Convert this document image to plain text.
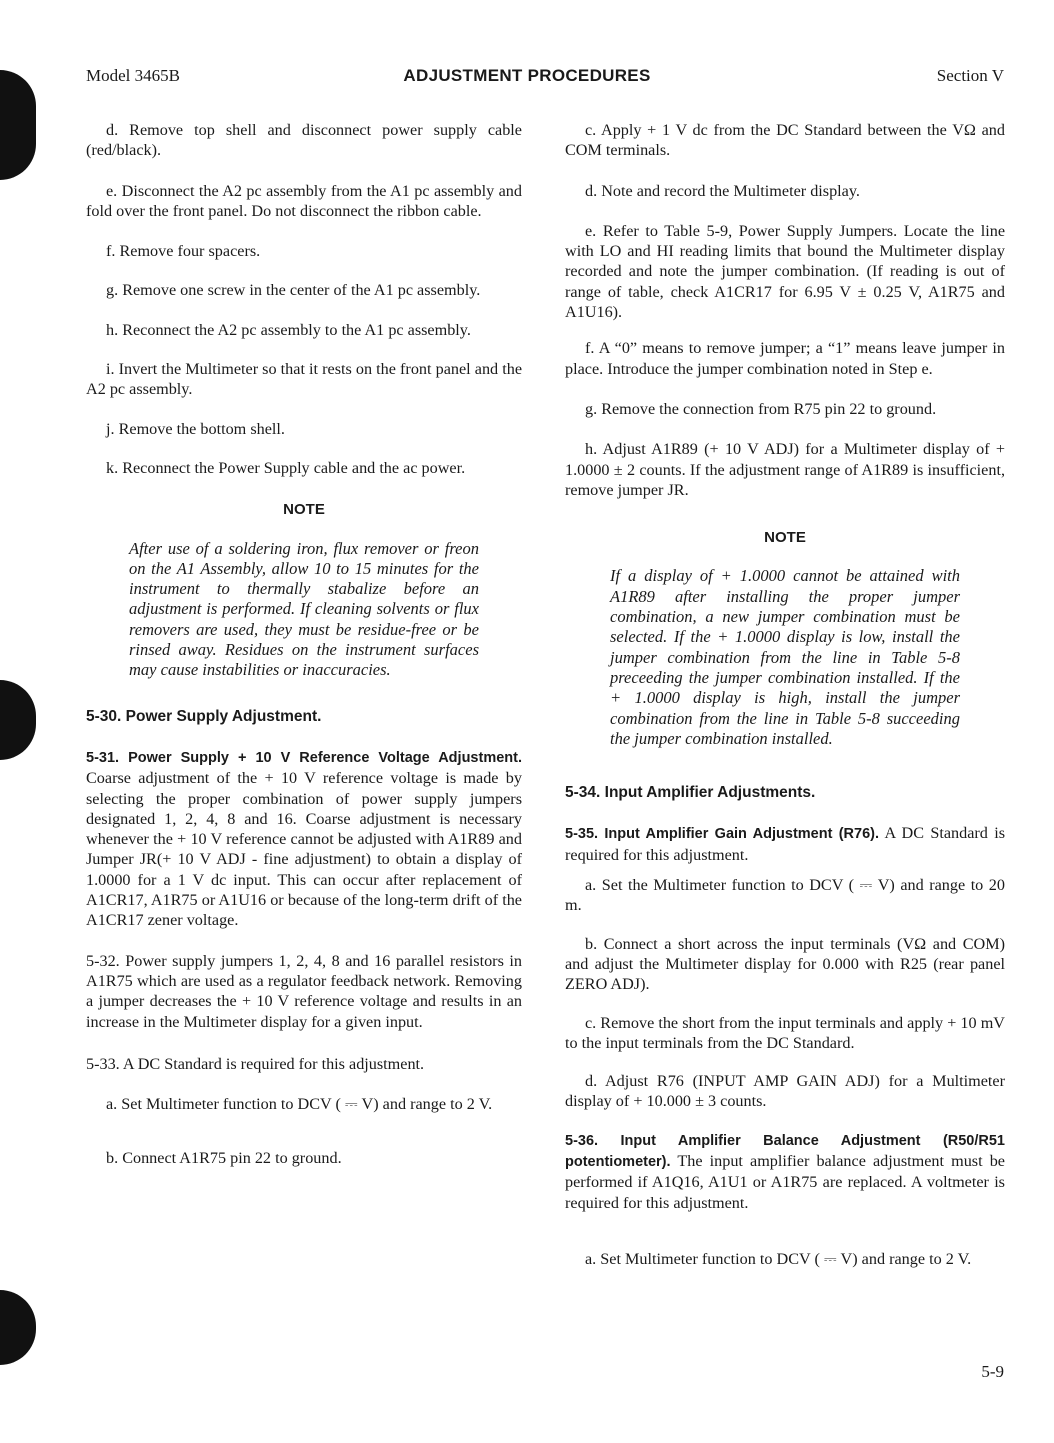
Model 3465B	ADJUSTMENT PROCEDURES	Section V

d. Remove top shell and disconnect power supply cable (red/black).

e. Disconnect the A2 pc assembly from the A1 pc assembly and fold over the front panel. Do not disconnect the ribbon cable.

f. Remove four spacers.

g. Remove one screw in the center of the A1 pc assembly.

h. Reconnect the A2 pc assembly to the A1 pc assembly.

i. Invert the Multimeter so that it rests on the front panel and the A2 pc assembly.

j. Remove the bottom shell.

k. Reconnect the Power Supply cable and the ac power.

NOTE

After use of a soldering iron, flux remover or freon on the A1 Assembly, allow 10 to 15 minutes for the instrument to thermally stabalize before an adjustment is performed. If cleaning solvents or flux removers are used, they must be residue-free or be rinsed away. Residues on the instrument surfaces may cause instabilities or inaccuracies.

5-30. Power Supply Adjustment.

5-31. Power Supply + 10 V Reference Voltage Adjustment. Coarse adjustment of the + 10 V reference voltage is made by selecting the proper combination of power supply jumpers designated 1, 2, 4, 8 and 16. Coarse adjustment is necessary whenever the + 10 V reference cannot be adjusted with A1R89 and Jumper JR(+ 10 V ADJ - fine adjustment) to obtain a display of 1.0000 for a 1 V dc input. This can occur after replacement of A1CR17, A1R75 or A1U16 or because of the long-term drift of the A1CR17 zener voltage.

5-32. Power supply jumpers 1, 2, 4, 8 and 16 parallel resistors in A1R75 which are used as a regulator feedback network. Removing a jumper decreases the + 10 V reference voltage and results in an increase in the Multimeter display for a given input.

5-33. A DC Standard is required for this adjustment.

a. Set Multimeter function to DCV ( ⎓ V) and range to 2 V.

b. Connect A1R75 pin 22 to ground.

c. Apply + 1 V dc from the DC Standard between the VΩ and COM terminals.

d. Note and record the Multimeter display.

e. Refer to Table 5-9, Power Supply Jumpers. Locate the line with LO and HI reading limits that bound the Multimeter display recorded and note the jumper combination. (If reading is out of range of table, check A1CR17 for 6.95 V ± 0.25 V, A1R75 and A1U16).

f. A “0” means to remove jumper; a “1” means leave jumper in place. Introduce the jumper combination noted in Step e.

g. Remove the connection from R75 pin 22 to ground.

h. Adjust A1R89 (+ 10 V ADJ) for a Multimeter display of + 1.0000 ± 2 counts. If the adjustment range of A1R89 is insufficient, remove jumper JR.

NOTE

If a display of + 1.0000 cannot be attained with A1R89 after installing the proper jumper combination, a new jumper combination must be selected. If the + 1.0000 display is low, install the jumper combination from the line in Table 5-8 preceeding the jumper combination installed. If the + 1.0000 display is high, install the jumper combination from the line in Table 5-8 succeeding the jumper combination installed.

5-34. Input Amplifier Adjustments.

5-35. Input Amplifier Gain Adjustment (R76). A DC Standard is required for this adjustment.

a. Set the Multimeter function to DCV ( ⎓ V) and range to 20 m.

b. Connect a short across the input terminals (VΩ and COM) and adjust the Multimeter display for 0.000 with R25 (rear panel ZERO ADJ).

c. Remove the short from the input terminals and apply + 10 mV to the input terminals from the DC Standard.

d. Adjust R76 (INPUT AMP GAIN ADJ) for a Multimeter display of + 10.000 ± 3 counts.

5-36. Input Amplifier Balance Adjustment (R50/R51 potentiometer). The input amplifier balance adjustment must be performed if A1Q16, A1U1 or A1R75 are replaced. A voltmeter is required for this adjustment.

a. Set Multimeter function to DCV ( ⎓ V) and range to 2 V.

5-9
